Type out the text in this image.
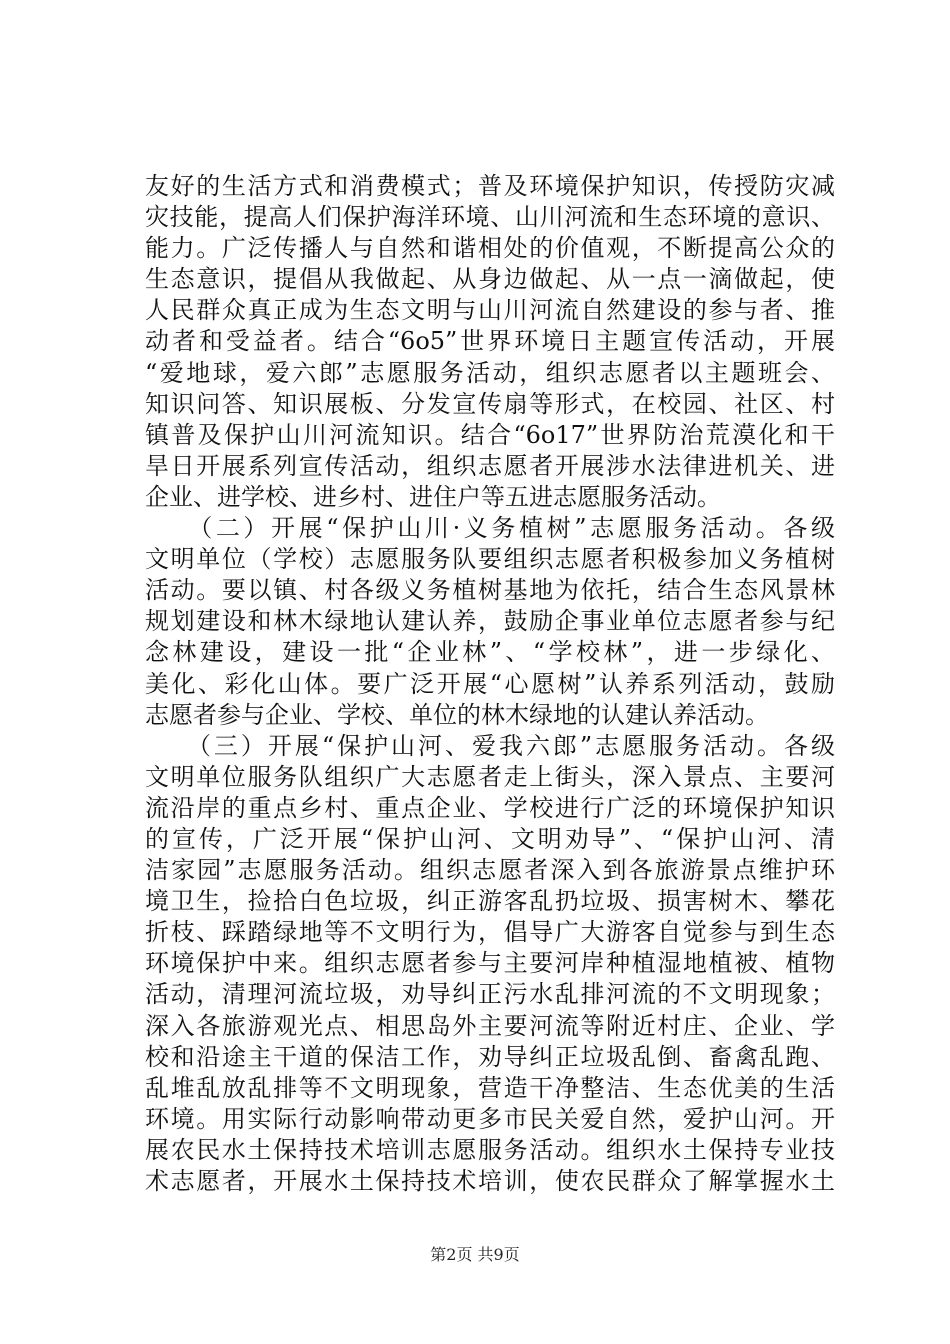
友好的生活方式和消费模式；普及环境保护知识，传授防灾减
灾技能，提高人们保护海洋环境、山川河流和生态环境的意识、
能力。广泛传播人与自然和谐相处的价值观，不断提高公众的
生态意识，提倡从我做起、从身边做起、从一点一滴做起，使
人民群众真正成为生态文明与山川河流自然建设的参与者、推
动者和受益者。结合“6o5”世界环境日主题宣传活动，开展
“爱地球，爱六郎”志愿服务活动，组织志愿者以主题班会、
知识问答、知识展板、分发宣传扇等形式，在校园、社区、村
镇普及保护山川河流知识。结合“6o17”世界防治荒漠化和干
旱日开展系列宣传活动，组织志愿者开展涉水法律进机关、进
企业、进学校、进乡村、进住户等五进志愿服务活动。
　　（二）开展“保护山川·义务植树”志愿服务活动。各级
文明单位（学校）志愿服务队要组织志愿者积极参加义务植树
活动。要以镇、村各级义务植树基地为依托，结合生态风景林
规划建设和林木绿地认建认养，鼓励企事业单位志愿者参与纪
念林建设，建设一批“企业林”、“学校林”，进一步绿化、
美化、彩化山体。要广泛开展“心愿树”认养系列活动，鼓励
志愿者参与企业、学校、单位的林木绿地的认建认养活动。
　　（三）开展“保护山河、爱我六郎”志愿服务活动。各级
文明单位服务队组织广大志愿者走上街头，深入景点、主要河
流沿岸的重点乡村、重点企业、学校进行广泛的环境保护知识
的宣传，广泛开展“保护山河、文明劝导”、“保护山河、清
洁家园”志愿服务活动。组织志愿者深入到各旅游景点维护环
境卫生，捡拾白色垃圾，纠正游客乱扔垃圾、损害树木、攀花
折枝、踩踏绿地等不文明行为，倡导广大游客自觉参与到生态
环境保护中来。组织志愿者参与主要河岸种植湿地植被、植物
活动，清理河流垃圾，劝导纠正污水乱排河流的不文明现象；
深入各旅游观光点、相思岛外主要河流等附近村庄、企业、学
校和沿途主干道的保洁工作，劝导纠正垃圾乱倒、畜禽乱跑、
乱堆乱放乱排等不文明现象，营造干净整洁、生态优美的生活
环境。用实际行动影响带动更多市民关爱自然，爱护山河。开
展农民水土保持技术培训志愿服务活动。组织水土保持专业技
术志愿者，开展水土保持技术培训，使农民群众了解掌握水土
第2页 共9页
